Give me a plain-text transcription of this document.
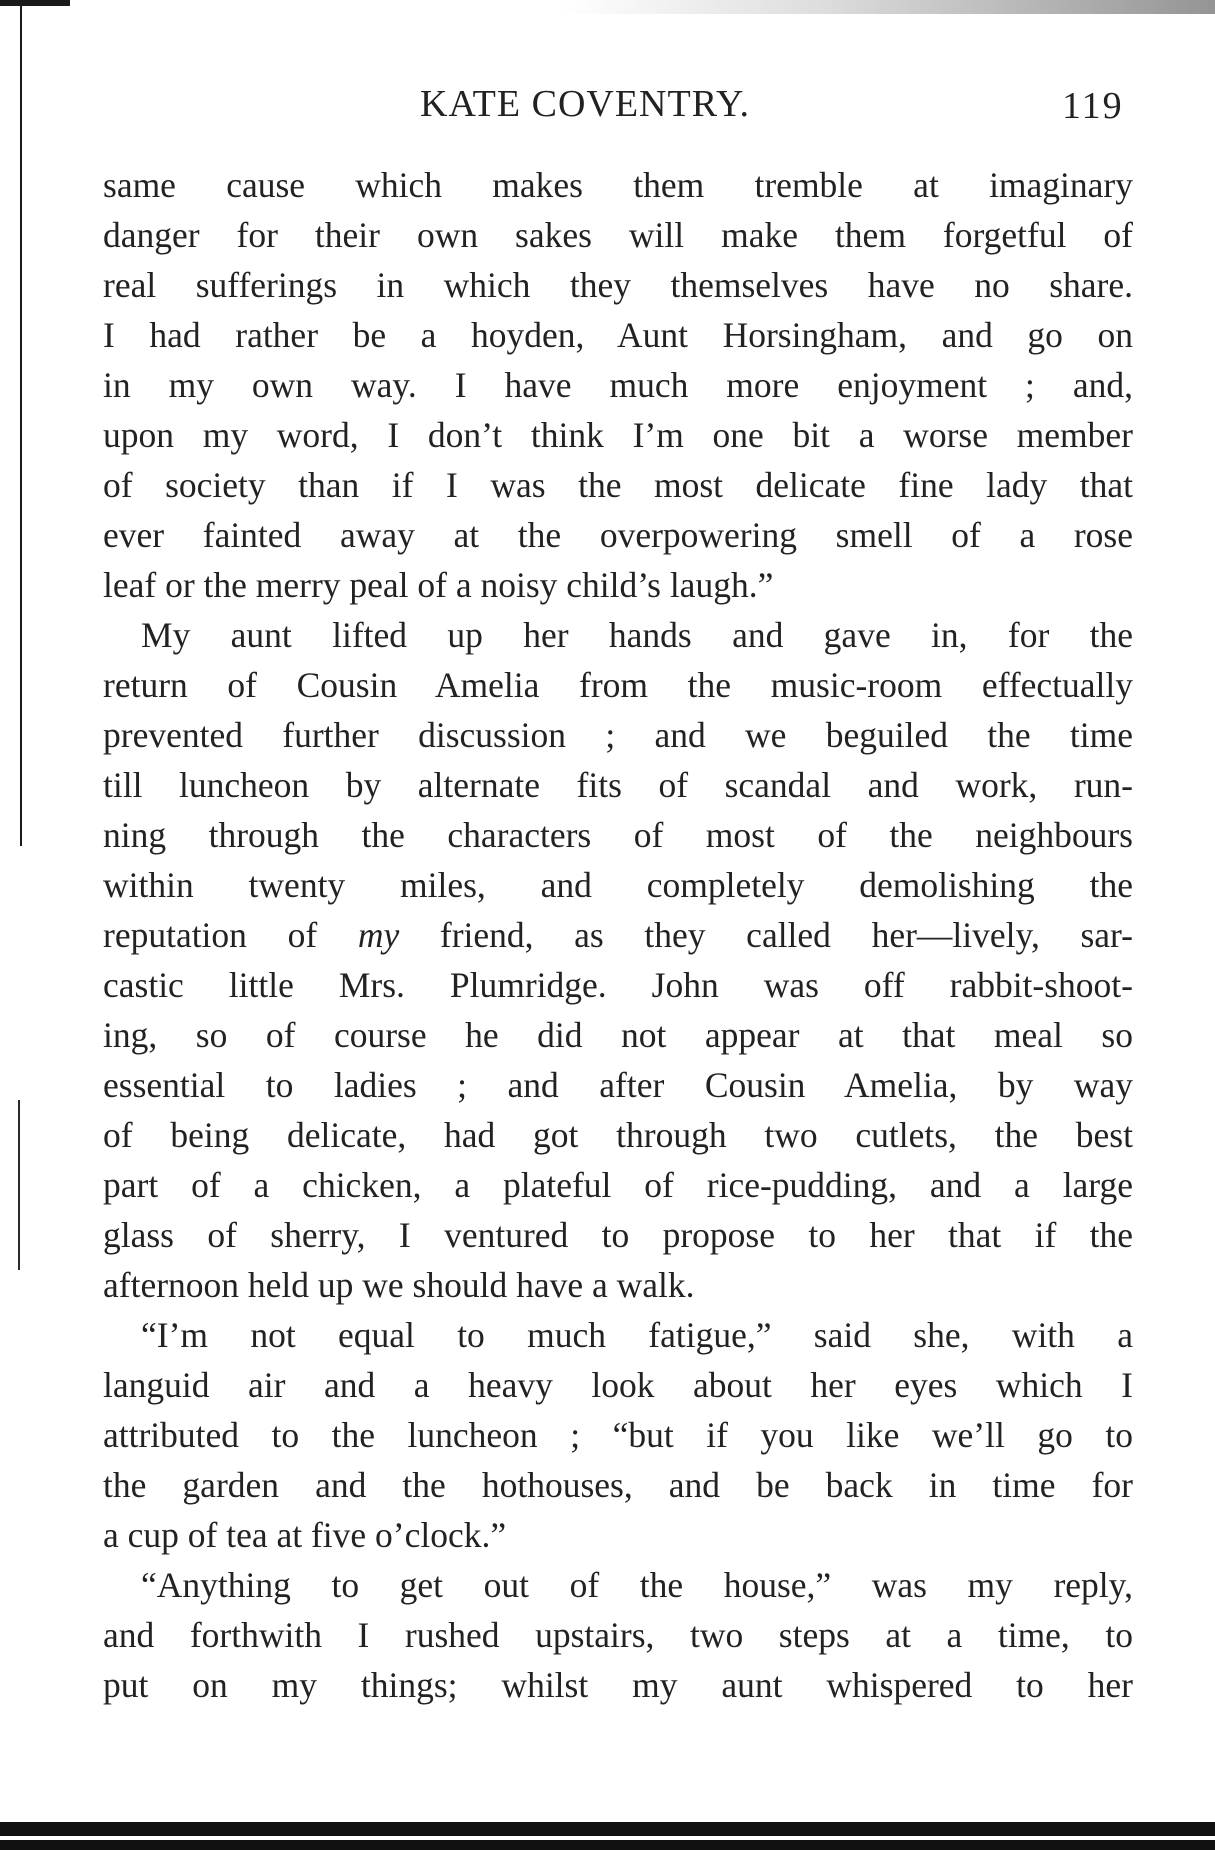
KATE COVENTRY.	119
same cause which makes them tremble at imaginary
danger for their own sakes will make them forgetful of
real sufferings in which they themselves have no share.
I had rather be a hoyden, Aunt Horsingham, and go on
in my own way. I have much more enjoyment ; and,
upon my word, I don’t think I’m one bit a worse member
of society than if I was the most delicate fine lady that
ever fainted away at the overpowering smell of a rose
leaf or the merry peal of a noisy child’s laugh.”
My aunt lifted up her hands and gave in, for the
return of Cousin Amelia from the music-room effectually
prevented further discussion ; and we beguiled the time
till luncheon by alternate fits of scandal and work, run-
ning through the characters of most of the neighbours
within twenty miles, and completely demolishing the
reputation of my friend, as they called her—lively, sar-
castic little Mrs. Plumridge. John was off rabbit-shoot-
ing, so of course he did not appear at that meal so
essential to ladies ; and after Cousin Amelia, by way
of being delicate, had got through two cutlets, the best
part of a chicken, a plateful of rice-pudding, and a large
glass of sherry, I ventured to propose to her that if the
afternoon held up we should have a walk.
“I’m not equal to much fatigue,” said she, with a
languid air and a heavy look about her eyes which I
attributed to the luncheon ; “but if you like we’ll go to
the garden and the hothouses, and be back in time for
a cup of tea at five o’clock.”
“Anything to get out of the house,” was my reply,
and forthwith I rushed upstairs, two steps at a time, to
put on my things; whilst my aunt whispered to her
